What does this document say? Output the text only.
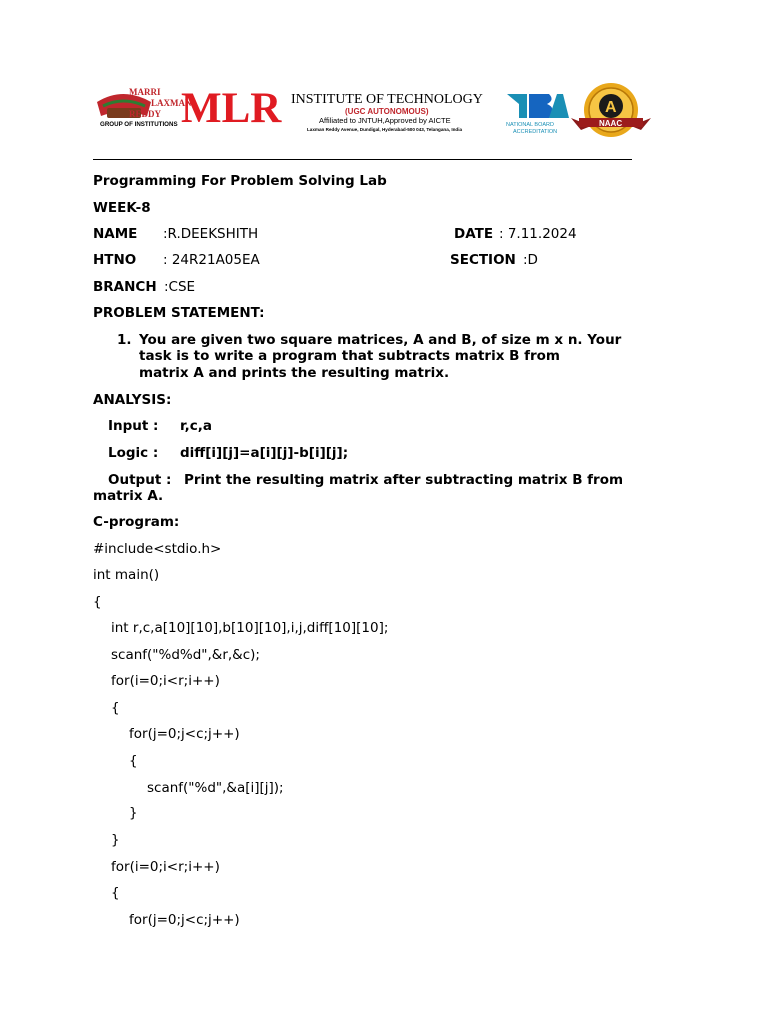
MARRI
LAXMAN
REDDY
GROUP OF INSTITUTIONS MLR INSTITUTE OF TECHNOLOGY
(UGC AUTONOMOUS)
Affiliated to JNTUH,Approved by AICTE
Laxman Reddy Avenue, Dundigal, Hyderabad-500 043, Telangana, India
NATIONAL BOARD
ACCREDITATION
A
NAAC
Programming For Problem Solving Lab
WEEK-8
NAME :R.DEEKSHITH	DATE : 7.11.2024
HTNO : 24R21A05EA	SECTION :D
BRANCH :CSE
PROBLEM STATEMENT:
1. You are given two square matrices, A and B, of size m x n. Your
task is to write a program that subtracts matrix B from
matrix A and prints the resulting matrix.
ANALYSIS:
Input : r,c,a
Logic : diff[i][j]=a[i][j]-b[i][j];
Output : Print the resulting matrix after subtracting matrix B from
matrix A.
C-program:
#include<stdio.h>
int main()
{
int r,c,a[10][10],b[10][10],i,j,diff[10][10];
scanf("%d%d",&r,&c);
for(i=0;i<r;i++)
{
for(j=0;j<c;j++)
{
scanf("%d",&a[i][j]);
}
}
for(i=0;i<r;i++)
{
for(j=0;j<c;j++)
